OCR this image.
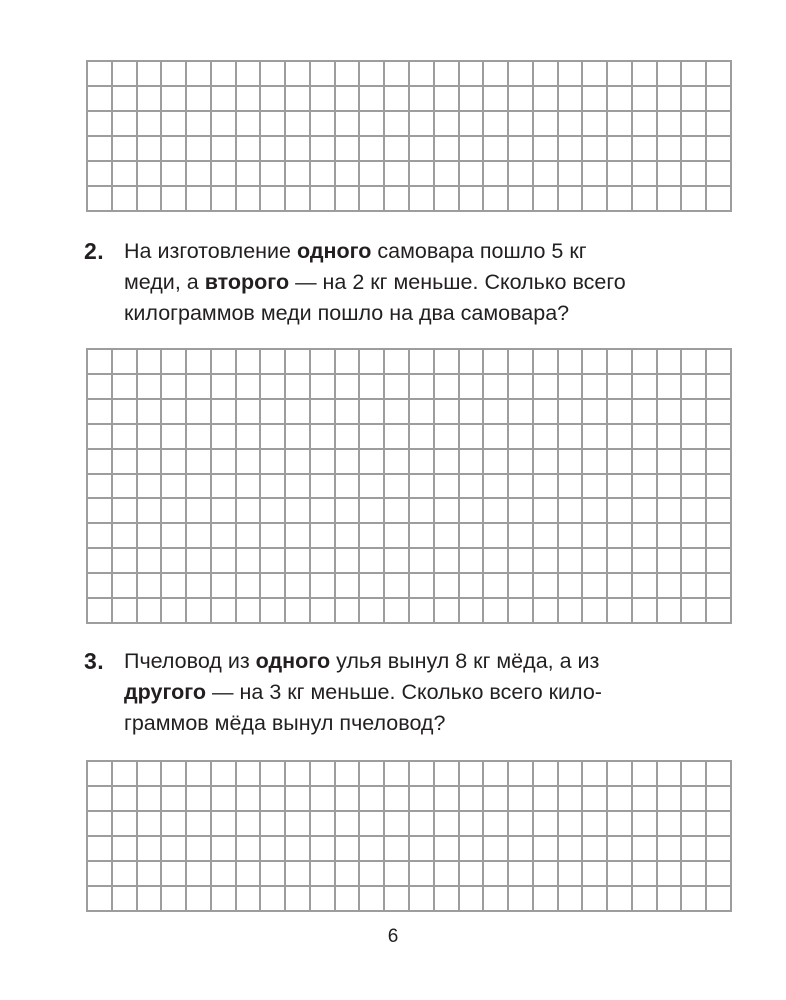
2. На изготовление одного самовара пошло 5 кг
меди, а второго — на 2 кг меньше. Сколько всего
килограммов меди пошло на два самовара?
3. Пчеловод из одного улья вынул 8 кг мёда, а из
другого — на 3 кг меньше. Сколько всего кило-
граммов мёда вынул пчеловод?
6
